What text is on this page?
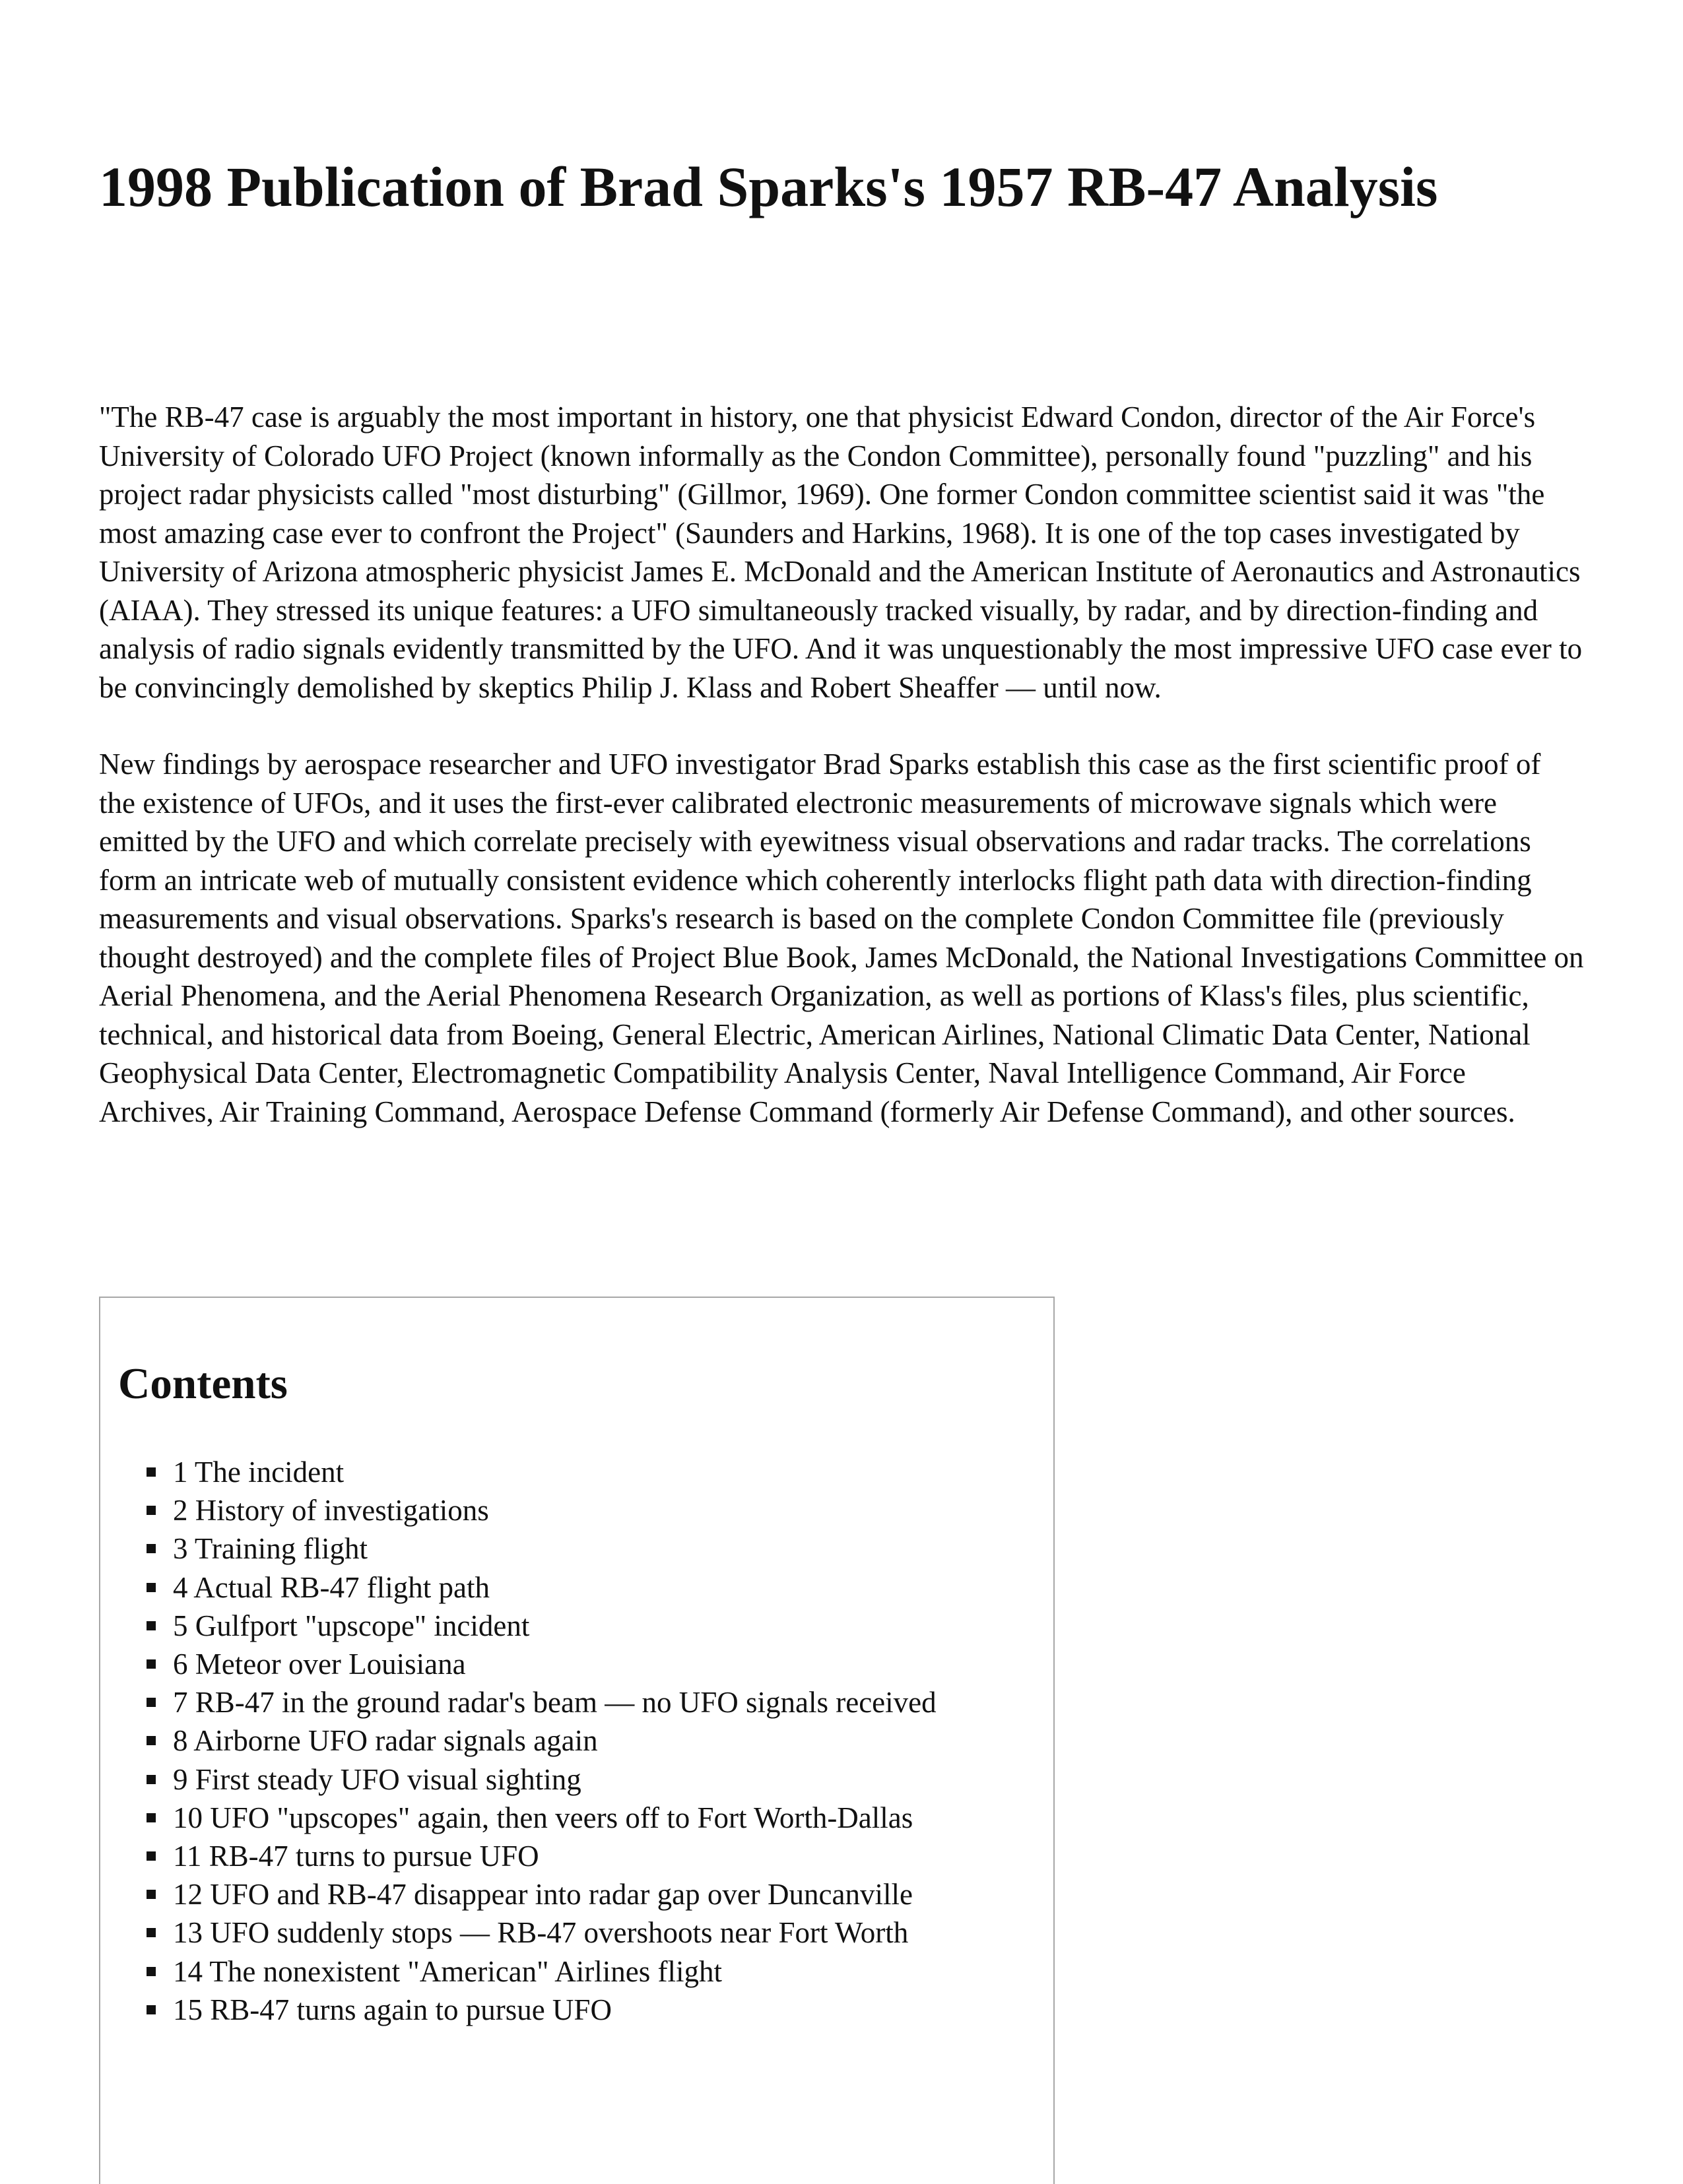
1998 Publication of Brad Sparks's 1957 RB-47 Analysis

"The RB-47 case is arguably the most important in history, one that physicist Edward Condon, director of the Air Force's University of Colorado UFO Project (known informally as the Condon Committee), personally found "puzzling" and his project radar physicists called "most disturbing" (Gillmor, 1969). One former Condon committee scientist said it was "the most amazing case ever to confront the Project" (Saunders and Harkins, 1968). It is one of the top cases investigated by University of Arizona atmospheric physicist James E. McDonald and the American Institute of Aeronautics and Astronautics (AIAA). They stressed its unique features: a UFO simultaneously tracked visually, by radar, and by direction-finding and analysis of radio signals evidently transmitted by the UFO. And it was unquestionably the most impressive UFO case ever to be convincingly demolished by skeptics Philip J. Klass and Robert Sheaffer — until now.

New findings by aerospace researcher and UFO investigator Brad Sparks establish this case as the first scientific proof of the existence of UFOs, and it uses the first-ever calibrated electronic measurements of microwave signals which were emitted by the UFO and which correlate precisely with eyewitness visual observations and radar tracks. The correlations form an intricate web of mutually consistent evidence which coherently interlocks flight path data with direction-finding measurements and visual observations. Sparks's research is based on the complete Condon Committee file (previously thought destroyed) and the complete files of Project Blue Book, James McDonald, the National Investigations Committee on Aerial Phenomena, and the Aerial Phenomena Research Organization, as well as portions of Klass's files, plus scientific, technical, and historical data from Boeing, General Electric, American Airlines, National Climatic Data Center, National Geophysical Data Center, Electromagnetic Compatibility Analysis Center, Naval Intelligence Command, Air Force Archives, Air Training Command, Aerospace Defense Command (formerly Air Defense Command), and other sources.

Contents
1 The incident
2 History of investigations
3 Training flight
4 Actual RB-47 flight path
5 Gulfport "upscope" incident
6 Meteor over Louisiana
7 RB-47 in the ground radar's beam — no UFO signals received
8 Airborne UFO radar signals again
9 First steady UFO visual sighting
10 UFO "upscopes" again, then veers off to Fort Worth-Dallas
11 RB-47 turns to pursue UFO
12 UFO and RB-47 disappear into radar gap over Duncanville
13 UFO suddenly stops — RB-47 overshoots near Fort Worth
14 The nonexistent "American" Airlines flight
15 RB-47 turns again to pursue UFO
